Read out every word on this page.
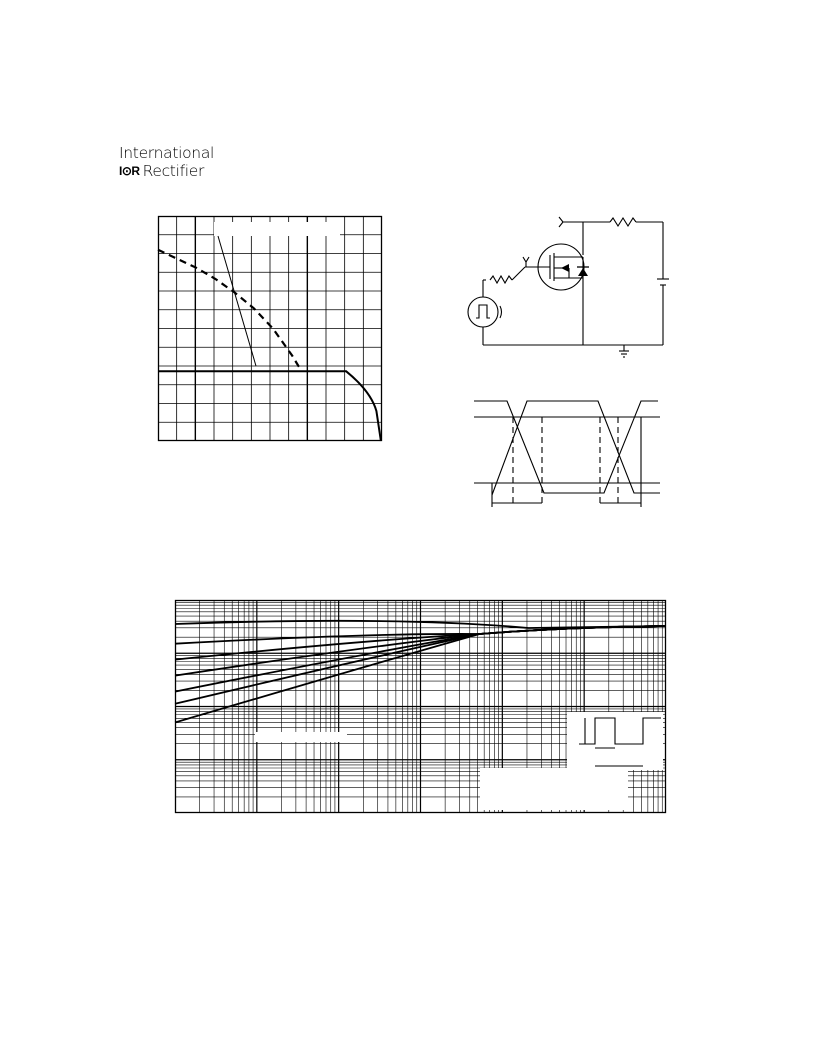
International
I⊙R Rectifier
